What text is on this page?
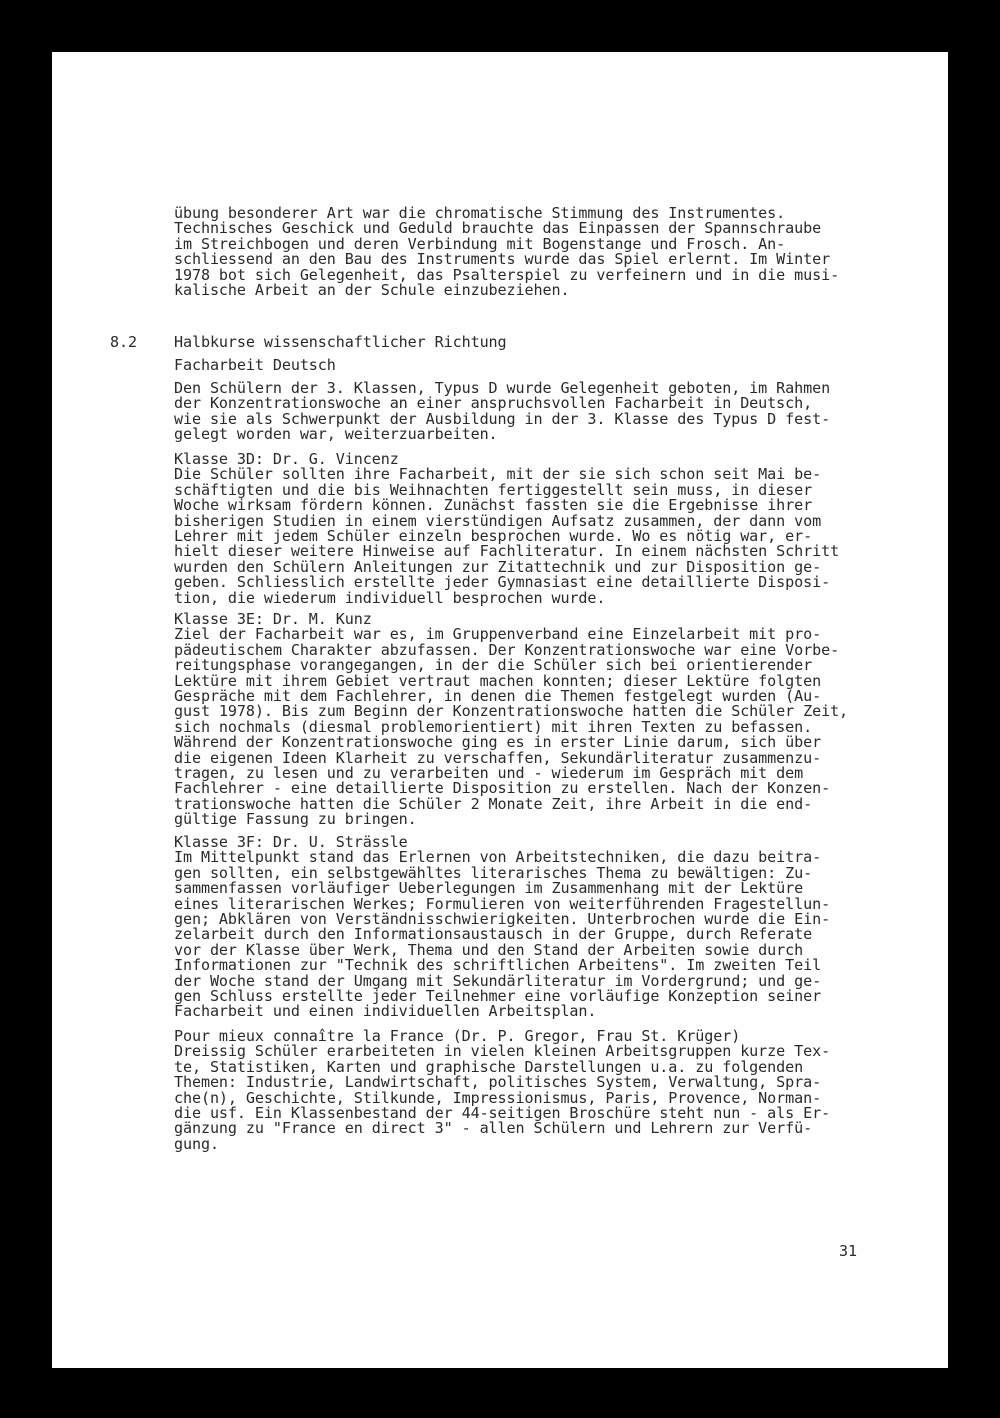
übung besonderer Art war die chromatische Stimmung des Instrumentes.
Technisches Geschick und Geduld brauchte das Einpassen der Spannschraube
im Streichbogen und deren Verbindung mit Bogenstange und Frosch. An-
schliessend an den Bau des Instruments wurde das Spiel erlernt. Im Winter
1978 bot sich Gelegenheit, das Psalterspiel zu verfeinern und in die musi-
kalische Arbeit an der Schule einzubeziehen.
8.2 Halbkurse wissenschaftlicher Richtung
Facharbeit Deutsch
Den Schülern der 3. Klassen, Typus D wurde Gelegenheit geboten, im Rahmen
der Konzentrationswoche an einer anspruchsvollen Facharbeit in Deutsch,
wie sie als Schwerpunkt der Ausbildung in der 3. Klasse des Typus D fest-
gelegt worden war, weiterzuarbeiten.
Klasse 3D: Dr. G. Vincenz
Die Schüler sollten ihre Facharbeit, mit der sie sich schon seit Mai be-
schäftigten und die bis Weihnachten fertiggestellt sein muss, in dieser
Woche wirksam fördern können. Zunächst fassten sie die Ergebnisse ihrer
bisherigen Studien in einem vierstündigen Aufsatz zusammen, der dann vom
Lehrer mit jedem Schüler einzeln besprochen wurde. Wo es nötig war, er-
hielt dieser weitere Hinweise auf Fachliteratur. In einem nächsten Schritt
wurden den Schülern Anleitungen zur Zitattechnik und zur Disposition ge-
geben. Schliesslich erstellte jeder Gymnasiast eine detaillierte Disposi-
tion, die wiederum individuell besprochen wurde.
Klasse 3E: Dr. M. Kunz
Ziel der Facharbeit war es, im Gruppenverband eine Einzelarbeit mit pro-
pädeutischem Charakter abzufassen. Der Konzentrationswoche war eine Vorbe-
reitungsphase vorangegangen, in der die Schüler sich bei orientierender
Lektüre mit ihrem Gebiet vertraut machen konnten; dieser Lektüre folgten
Gespräche mit dem Fachlehrer, in denen die Themen festgelegt wurden (Au-
gust 1978). Bis zum Beginn der Konzentrationswoche hatten die Schüler Zeit,
sich nochmals (diesmal problemorientiert) mit ihren Texten zu befassen.
Während der Konzentrationswoche ging es in erster Linie darum, sich über
die eigenen Ideen Klarheit zu verschaffen, Sekundärliteratur zusammenzu-
tragen, zu lesen und zu verarbeiten und - wiederum im Gespräch mit dem
Fachlehrer - eine detaillierte Disposition zu erstellen. Nach der Konzen-
trationswoche hatten die Schüler 2 Monate Zeit, ihre Arbeit in die end-
gültige Fassung zu bringen.
Klasse 3F: Dr. U. Strässle
Im Mittelpunkt stand das Erlernen von Arbeitstechniken, die dazu beitra-
gen sollten, ein selbstgewähltes literarisches Thema zu bewältigen: Zu-
sammenfassen vorläufiger Ueberlegungen im Zusammenhang mit der Lektüre
eines literarischen Werkes; Formulieren von weiterführenden Fragestellun-
gen; Abklären von Verständnisschwierigkeiten. Unterbrochen wurde die Ein-
zelarbeit durch den Informationsaustausch in der Gruppe, durch Referate
vor der Klasse über Werk, Thema und den Stand der Arbeiten sowie durch
Informationen zur "Technik des schriftlichen Arbeitens". Im zweiten Teil
der Woche stand der Umgang mit Sekundärliteratur im Vordergrund; und ge-
gen Schluss erstellte jeder Teilnehmer eine vorläufige Konzeption seiner
Facharbeit und einen individuellen Arbeitsplan.
Pour mieux connaître la France (Dr. P. Gregor, Frau St. Krüger)
Dreissig Schüler erarbeiteten in vielen kleinen Arbeitsgruppen kurze Tex-
te, Statistiken, Karten und graphische Darstellungen u.a. zu folgenden
Themen: Industrie, Landwirtschaft, politisches System, Verwaltung, Spra-
che(n), Geschichte, Stilkunde, Impressionismus, Paris, Provence, Norman-
die usf. Ein Klassenbestand der 44-seitigen Broschüre steht nun - als Er-
gänzung zu "France en direct 3" - allen Schülern und Lehrern zur Verfü-
gung.
31
